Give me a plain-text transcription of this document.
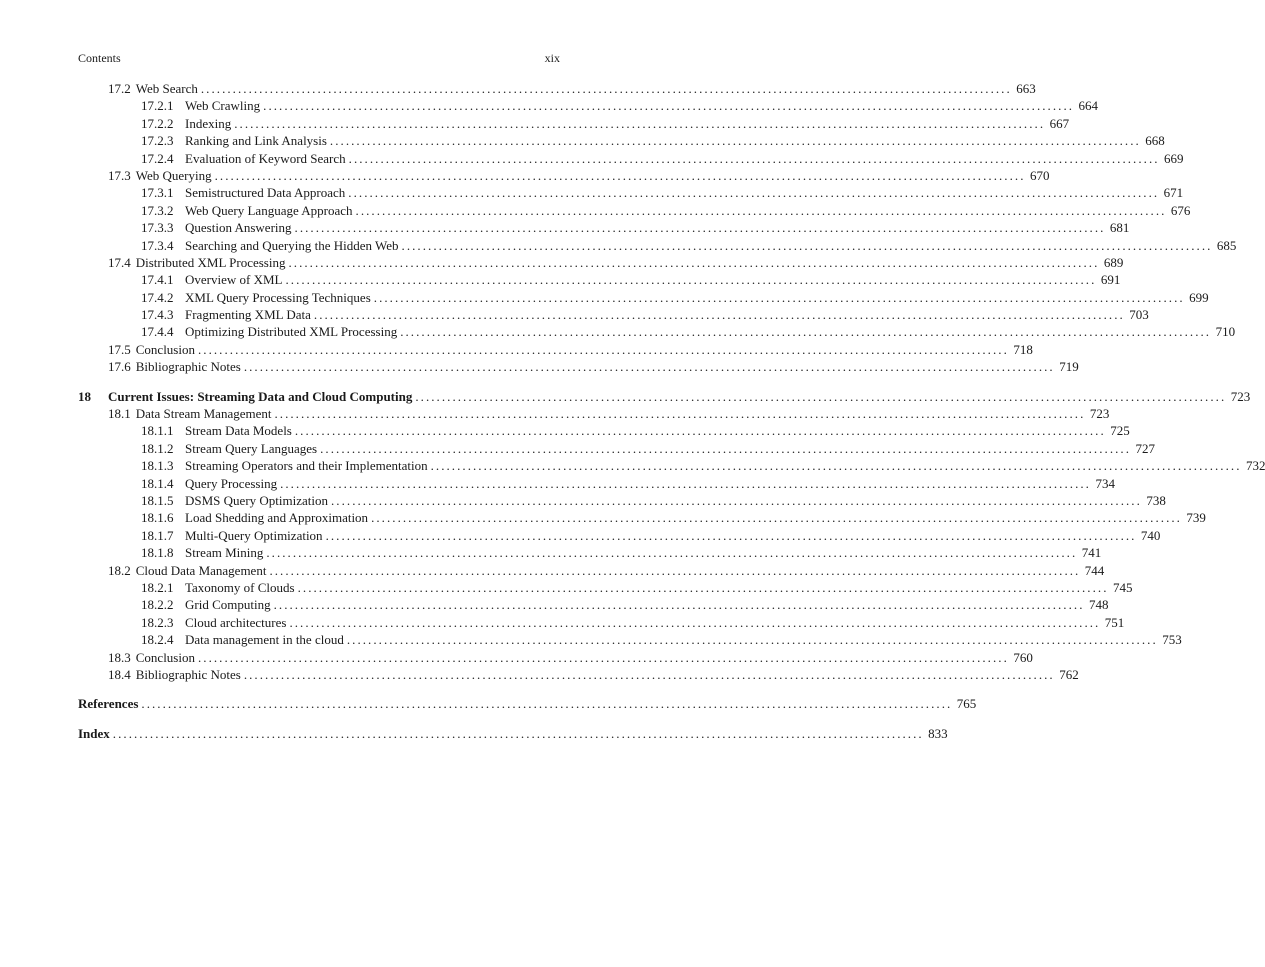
Contents	xix
17.2 Web Search . . .	663
17.2.1 Web Crawling . . .	664
17.2.2 Indexing . . .	667
17.2.3 Ranking and Link Analysis . . .	668
17.2.4 Evaluation of Keyword Search . . .	669
17.3 Web Querying . . .	670
17.3.1 Semistructured Data Approach . . .	671
17.3.2 Web Query Language Approach . . .	676
17.3.3 Question Answering . . .	681
17.3.4 Searching and Querying the Hidden Web . . .	685
17.4 Distributed XML Processing . . .	689
17.4.1 Overview of XML . . .	691
17.4.2 XML Query Processing Techniques . . .	699
17.4.3 Fragmenting XML Data . . .	703
17.4.4 Optimizing Distributed XML Processing . . .	710
17.5 Conclusion . . .	718
17.6 Bibliographic Notes . . .	719
18	Current Issues: Streaming Data and Cloud Computing . . .	723
18.1 Data Stream Management . . .	723
18.1.1 Stream Data Models . . .	725
18.1.2 Stream Query Languages . . .	727
18.1.3 Streaming Operators and their Implementation . . .	732
18.1.4 Query Processing . . .	734
18.1.5 DSMS Query Optimization . . .	738
18.1.6 Load Shedding and Approximation . . .	739
18.1.7 Multi-Query Optimization . . .	740
18.1.8 Stream Mining . . .	741
18.2 Cloud Data Management . . .	744
18.2.1 Taxonomy of Clouds . . .	745
18.2.2 Grid Computing . . .	748
18.2.3 Cloud architectures . . .	751
18.2.4 Data management in the cloud . . .	753
18.3 Conclusion . . .	760
18.4 Bibliographic Notes . . .	762
References . . .	765
Index . . .	833
